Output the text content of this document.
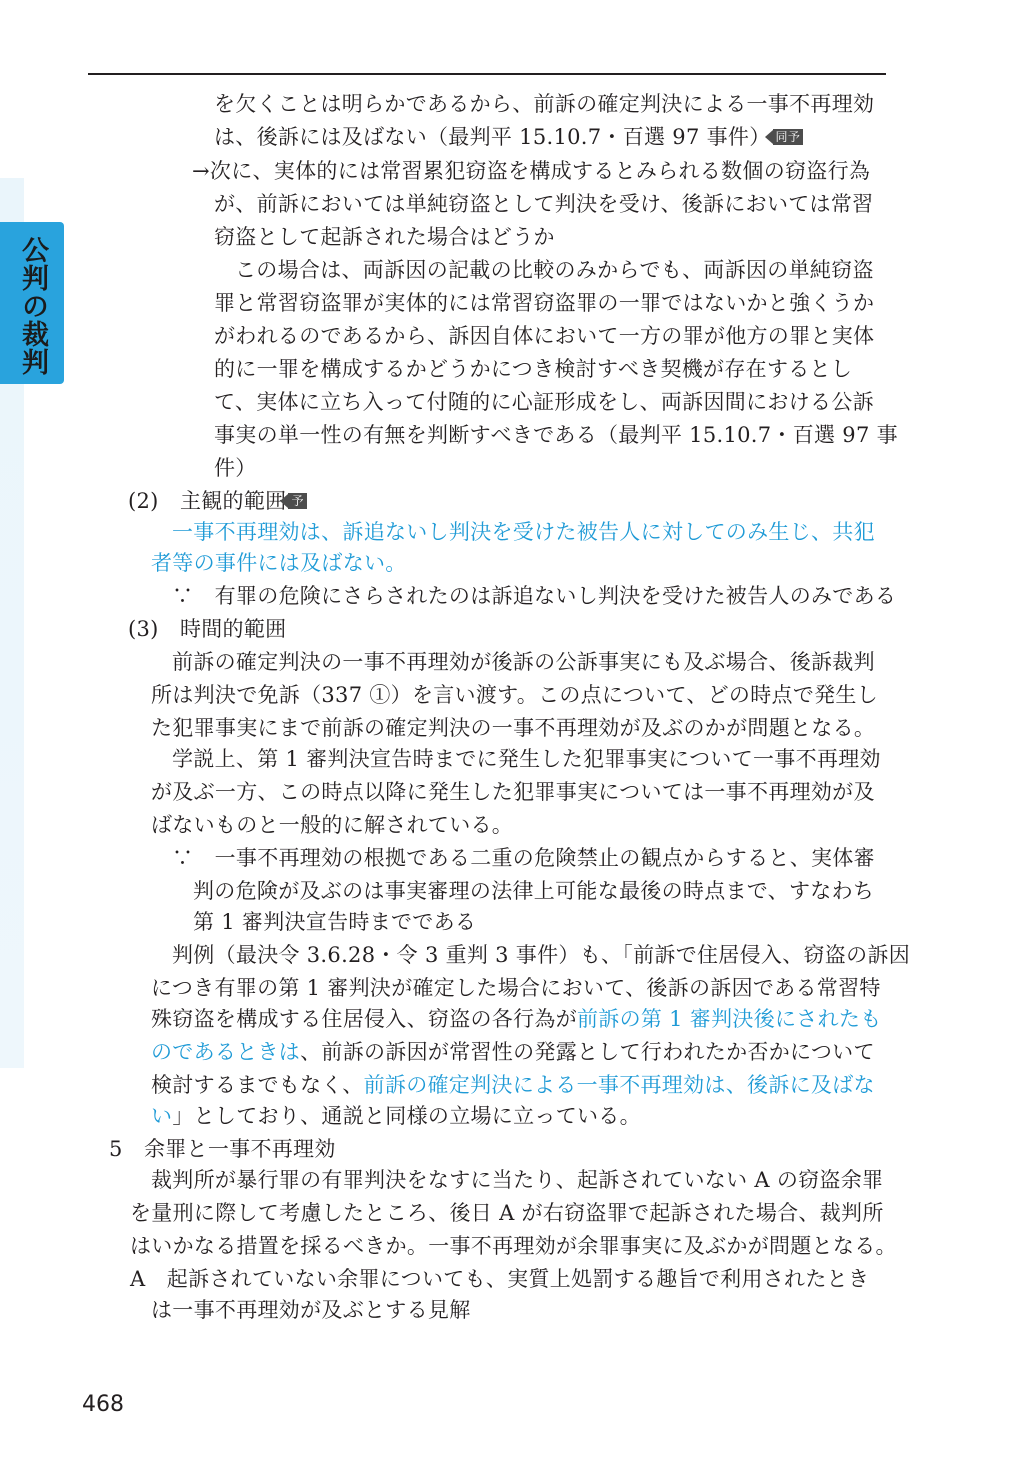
公判の裁判
を欠くことは明らかであるから、前訴の確定判決による一事不再理効
は、後訴には及ばない（最判平 15.10.7・百選 97 事件） 同予
→次に、実体的には常習累犯窃盗を構成するとみられる数個の窃盗行為
が、前訴においては単純窃盗として判決を受け、後訴においては常習
窃盗として起訴された場合はどうか
この場合は、両訴因の記載の比較のみからでも、両訴因の単純窃盗
罪と常習窃盗罪が実体的には常習窃盗罪の一罪ではないかと強くうか
がわれるのであるから、訴因自体において一方の罪が他方の罪と実体
的に一罪を構成するかどうかにつき検討すべき契機が存在するとし
て、実体に立ち入って付随的に心証形成をし、両訴因間における公訴
事実の単一性の有無を判断すべきである（最判平 15.10.7・百選 97 事
件）
(2)　主観的範囲 予
一事不再理効は、訴追ないし判決を受けた被告人に対してのみ生じ、共犯
者等の事件には及ばない。
∵　有罪の危険にさらされたのは訴追ないし判決を受けた被告人のみである
(3)　時間的範囲
前訴の確定判決の一事不再理効が後訴の公訴事実にも及ぶ場合、後訴裁判
所は判決で免訴（337 ①）を言い渡す。この点について、どの時点で発生し
た犯罪事実にまで前訴の確定判決の一事不再理効が及ぶのかが問題となる。
学説上、第 1 審判決宣告時までに発生した犯罪事実について一事不再理効
が及ぶ一方、この時点以降に発生した犯罪事実については一事不再理効が及
ばないものと一般的に解されている。
∵　一事不再理効の根拠である二重の危険禁止の観点からすると、実体審
判の危険が及ぶのは事実審理の法律上可能な最後の時点まで、すなわち
第 1 審判決宣告時までである
判例（最決令 3.6.28・令 3 重判 3 事件）も、「前訴で住居侵入、窃盗の訴因
につき有罪の第 1 審判決が確定した場合において、後訴の訴因である常習特
殊窃盗を構成する住居侵入、窃盗の各行為が前訴の第 1 審判決後にされたも
のであるときは、前訴の訴因が常習性の発露として行われたか否かについて
検討するまでもなく、前訴の確定判決による一事不再理効は、後訴に及ばな
い」としており、通説と同様の立場に立っている。
5　余罪と一事不再理効
裁判所が暴行罪の有罪判決をなすに当たり、起訴されていない A の窃盗余罪
を量刑に際して考慮したところ、後日 A が右窃盗罪で起訴された場合、裁判所
はいかなる措置を採るべきか。一事不再理効が余罪事実に及ぶかが問題となる。
A　起訴されていない余罪についても、実質上処罰する趣旨で利用されたとき
は一事不再理効が及ぶとする見解
468
